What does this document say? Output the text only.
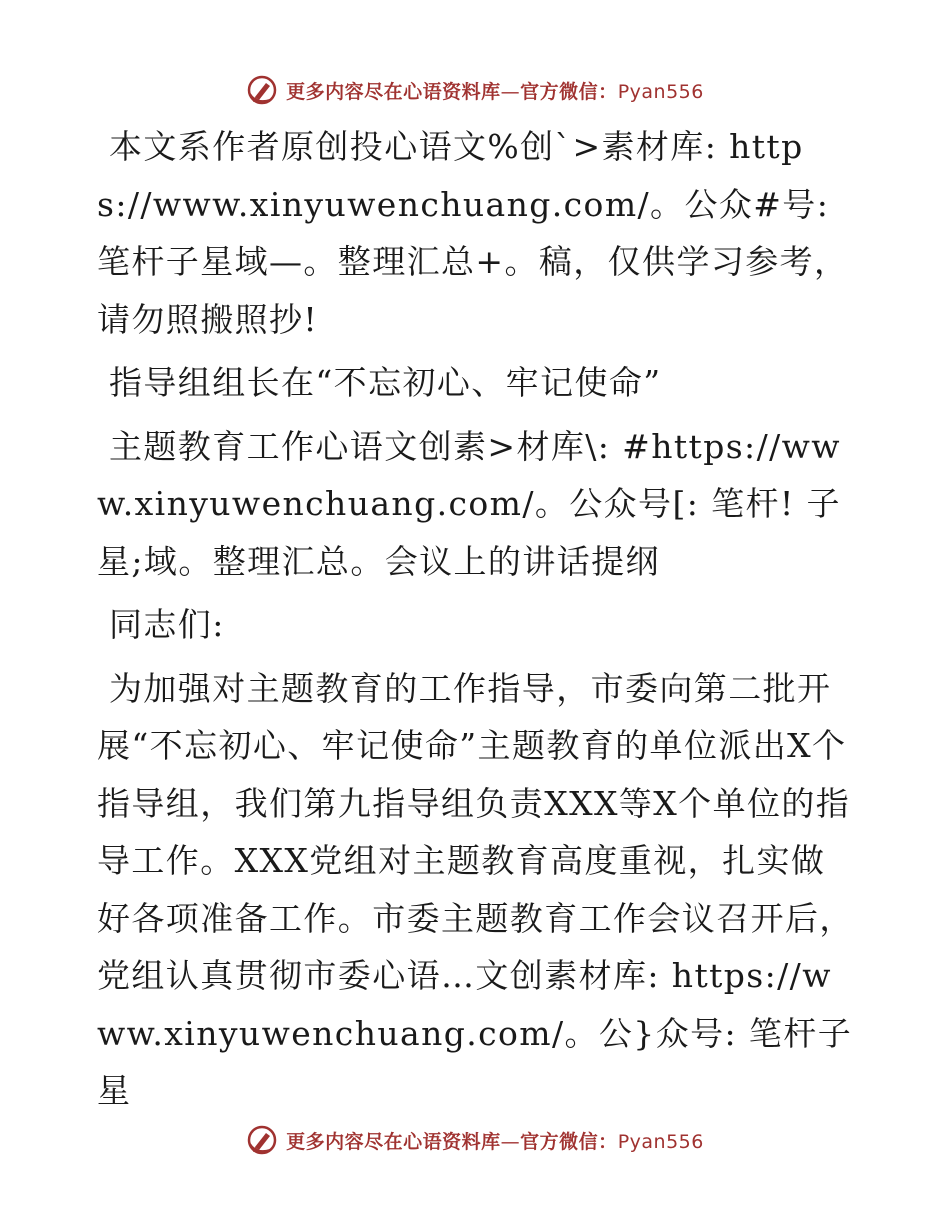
更多内容尽在心语资料库—官方微信：Pyan556

本文系作者原创投心语文%创`>素材库: https://www.xinyuwenchuang.com/。公众#号: 笔杆子星域—。整理汇总+。稿，仅供学习参考，请勿照搬照抄!

指导组组长在“不忘初心、牢记使命”

主题教育工作心语文创素>材库\: #https://www.xinyuwenchuang.com/。公众号[: 笔杆! 子星;域。整理汇总。会议上的讲话提纲

同志们:

为加强对主题教育的工作指导，市委向第二批开展“不忘初心、牢记使命”主题教育的单位派出X个指导组，我们第九指导组负责XXX等X个单位的指导工作。XXX党组对主题教育高度重视，扎实做好各项准备工作。市委主题教育工作会议召开后，党组认真贯彻市委心语…文创素材库: https://www.xinyuwenchuang.com/。公}众号: 笔杆子星

更多内容尽在心语资料库—官方微信：Pyan556
